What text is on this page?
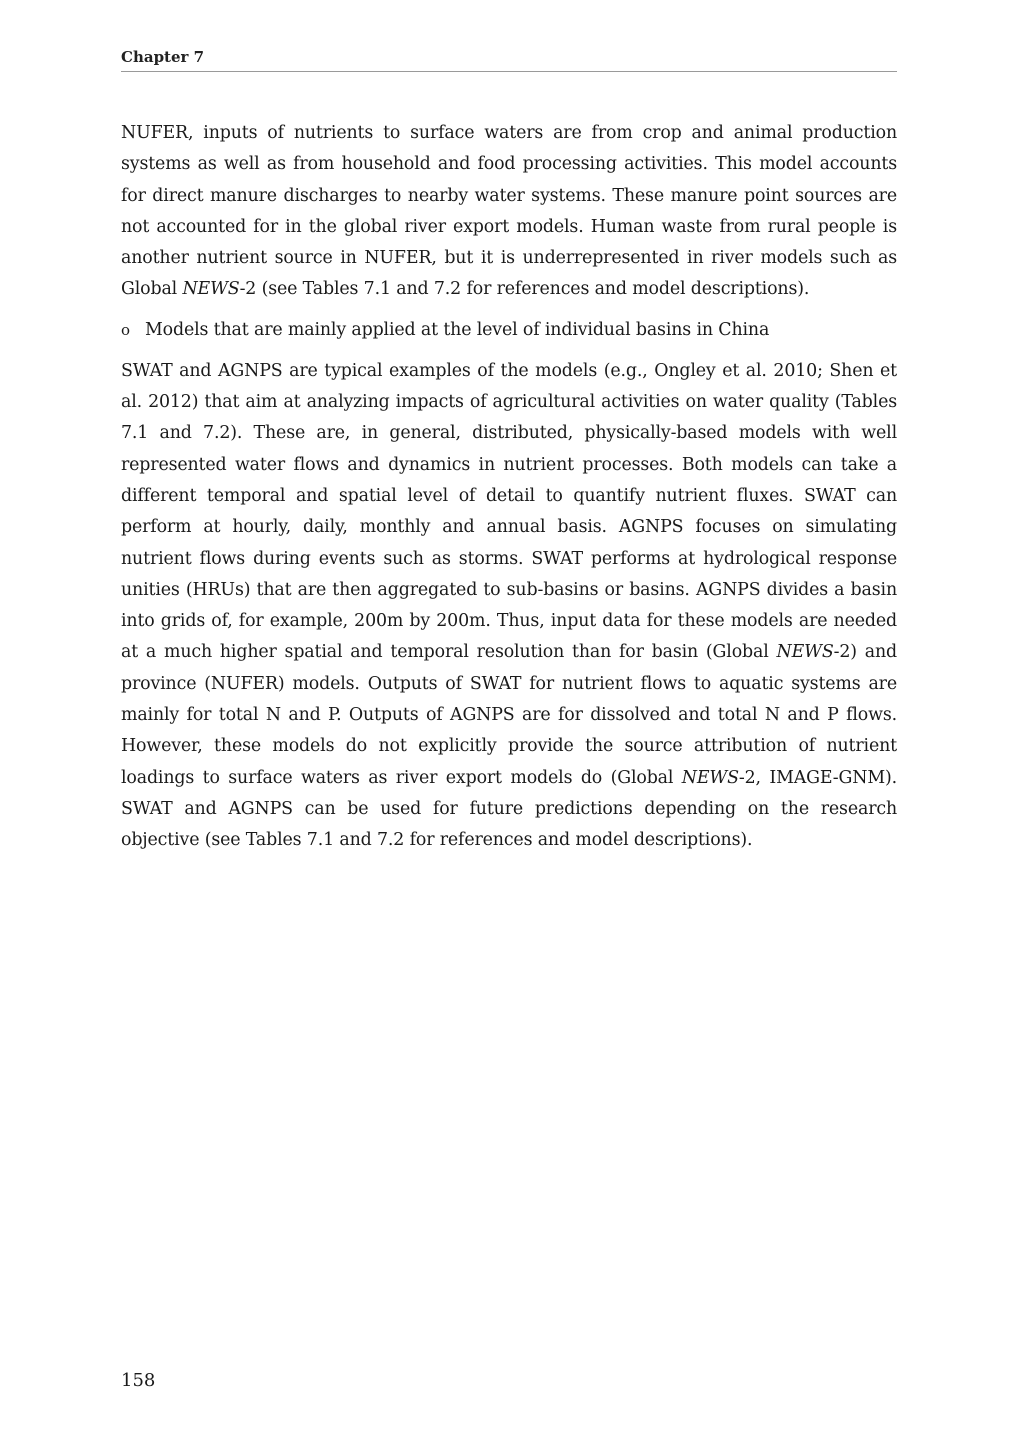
Chapter 7

NUFER, inputs of nutrients to surface waters are from crop and animal production systems as well as from household and food processing activities. This model accounts for direct manure discharges to nearby water systems. These manure point sources are not accounted for in the global river export models. Human waste from rural people is another nutrient source in NUFER, but it is underrepresented in river models such as Global NEWS-2 (see Tables 7.1 and 7.2 for references and model descriptions).

o Models that are mainly applied at the level of individual basins in China

SWAT and AGNPS are typical examples of the models (e.g., Ongley et al. 2010; Shen et al. 2012) that aim at analyzing impacts of agricultural activities on water quality (Tables 7.1 and 7.2). These are, in general, distributed, physically-based models with well represented water flows and dynamics in nutrient processes. Both models can take a different temporal and spatial level of detail to quantify nutrient fluxes. SWAT can perform at hourly, daily, monthly and annual basis. AGNPS focuses on simulating nutrient flows during events such as storms. SWAT performs at hydrological response unities (HRUs) that are then aggregated to sub-basins or basins. AGNPS divides a basin into grids of, for example, 200m by 200m. Thus, input data for these models are needed at a much higher spatial and temporal resolution than for basin (Global NEWS-2) and province (NUFER) models. Outputs of SWAT for nutrient flows to aquatic systems are mainly for total N and P. Outputs of AGNPS are for dissolved and total N and P flows. However, these models do not explicitly provide the source attribution of nutrient loadings to surface waters as river export models do (Global NEWS-2, IMAGE-GNM). SWAT and AGNPS can be used for future predictions depending on the research objective (see Tables 7.1 and 7.2 for references and model descriptions).

158
